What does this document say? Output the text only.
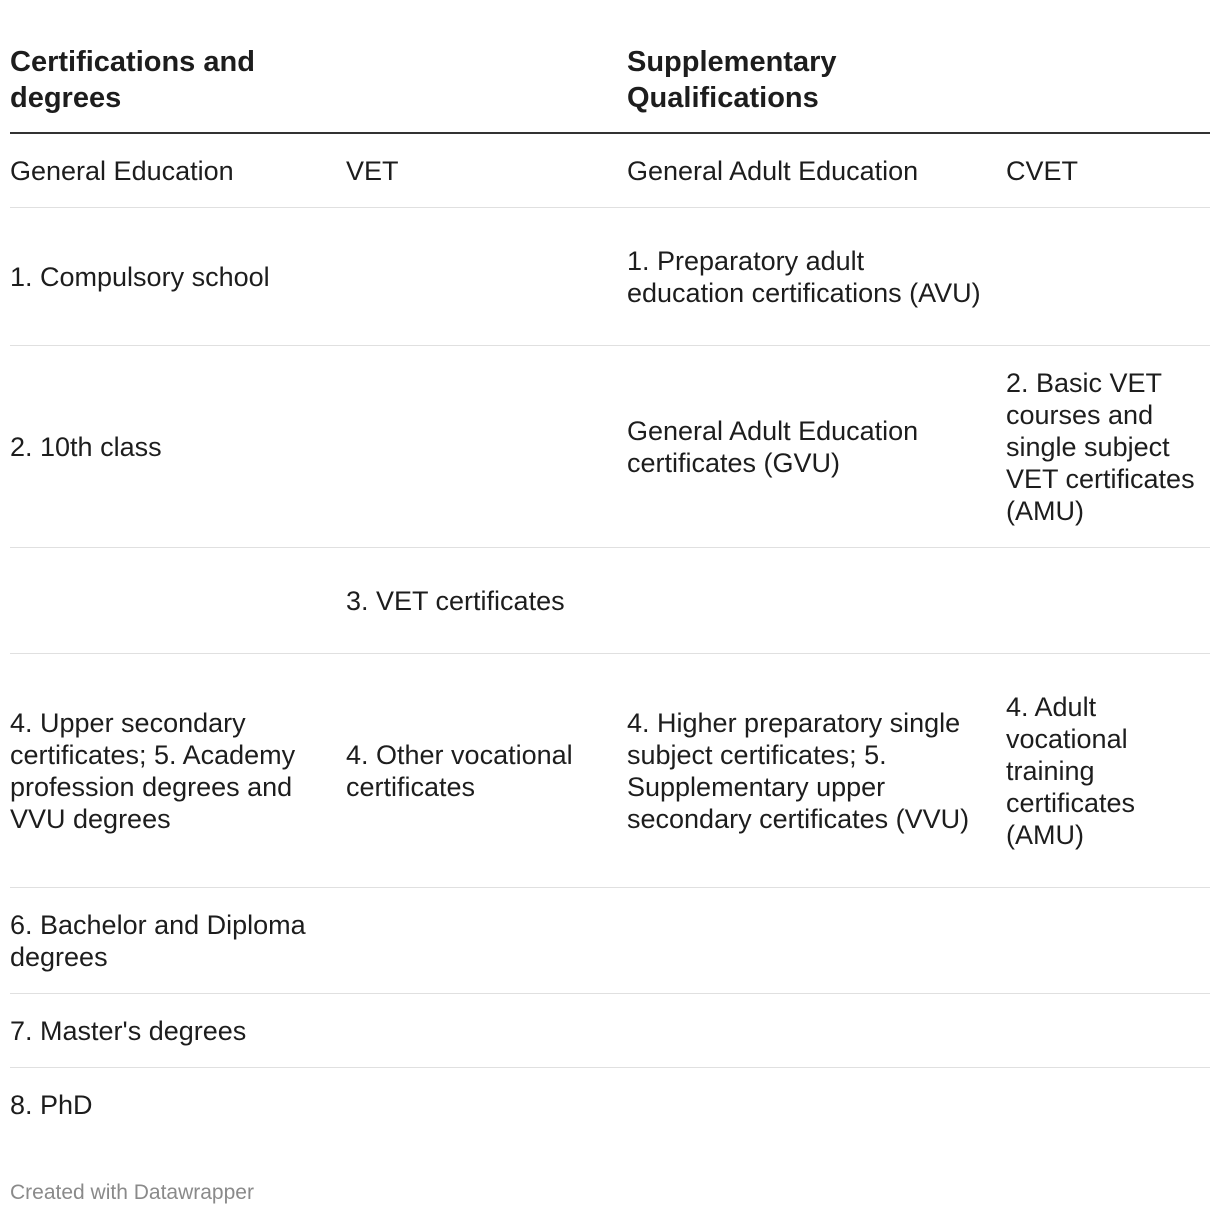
Certifications and degrees
Supplementary Qualifications
General Education	VET	General Adult Education	CVET
1. Compulsory school		1. Preparatory adult education certifications (AVU)	
2. 10th class		General Adult Education certificates (GVU)	2. Basic VET courses and single subject VET certificates (AMU)
	3. VET certificates		
4. Upper secondary certificates; 5. Academy profession degrees and VVU degrees	4. Other vocational certificates	4. Higher preparatory single subject certificates; 5. Supplementary upper secondary certificates (VVU)	4. Adult vocational training certificates (AMU)
6. Bachelor and Diploma degrees			
7. Master's degrees			
8. PhD			
Created with Datawrapper
